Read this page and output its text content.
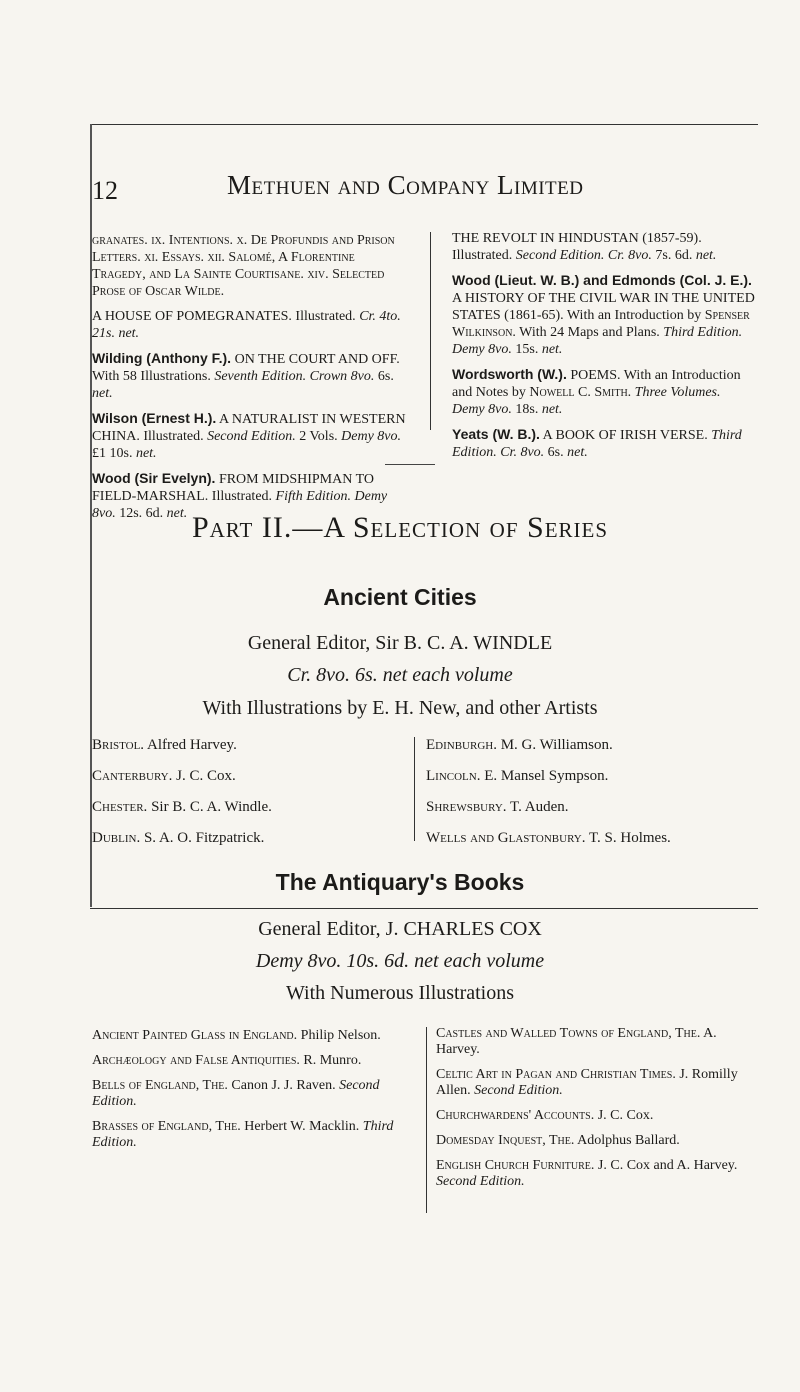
12	Methuen and Company Limited
granates. ix. Intentions. x. De Profundis and Prison Letters. xi. Essays. xii. Salomé, A Florentine Tragedy, and La Sainte Courtisane. xiv. Selected Prose of Oscar Wilde.
A HOUSE OF POMEGRANATES. Illustrated. Cr. 4to. 21s. net.
Wilding (Anthony F.). ON THE COURT AND OFF. With 58 Illustrations. Seventh Edition. Crown 8vo. 6s. net.
Wilson (Ernest H.). A NATURALIST IN WESTERN CHINA. Illustrated. Second Edition. 2 Vols. Demy 8vo. £1 10s. net.
Wood (Sir Evelyn). FROM MIDSHIPMAN TO FIELD-MARSHAL. Illustrated. Fifth Edition. Demy 8vo. 12s. 6d. net.
THE REVOLT IN HINDUSTAN (1857-59). Illustrated. Second Edition. Cr. 8vo. 7s. 6d. net.
Wood (Lieut. W. B.) and Edmonds (Col. J. E.). A HISTORY OF THE CIVIL WAR IN THE UNITED STATES (1861-65). With an Introduction by Spenser Wilkinson. With 24 Maps and Plans. Third Edition. Demy 8vo. 15s. net.
Wordsworth (W.). POEMS. With an Introduction and Notes by Nowell C. Smith. Three Volumes. Demy 8vo. 18s. net.
Yeats (W. B.). A BOOK OF IRISH VERSE. Third Edition. Cr. 8vo. 6s. net.
Part II.—A Selection of Series
Ancient Cities
General Editor, Sir B. C. A. WINDLE
Cr. 8vo. 6s. net each volume
With Illustrations by E. H. New, and other Artists
Bristol. Alfred Harvey.
Canterbury. J. C. Cox.
Chester. Sir B. C. A. Windle.
Dublin. S. A. O. Fitzpatrick.
Edinburgh. M. G. Williamson.
Lincoln. E. Mansel Sympson.
Shrewsbury. T. Auden.
Wells and Glastonbury. T. S. Holmes.
The Antiquary's Books
General Editor, J. CHARLES COX
Demy 8vo. 10s. 6d. net each volume
With Numerous Illustrations
Ancient Painted Glass in England. Philip Nelson.
Archæology and False Antiquities. R. Munro.
Bells of England, The. Canon J. J. Raven. Second Edition.
Brasses of England, The. Herbert W. Macklin. Third Edition.
Castles and Walled Towns of England, The. A. Harvey.
Celtic Art in Pagan and Christian Times. J. Romilly Allen. Second Edition.
Churchwardens' Accounts. J. C. Cox.
Domesday Inquest, The. Adolphus Ballard.
English Church Furniture. J. C. Cox and A. Harvey. Second Edition.
